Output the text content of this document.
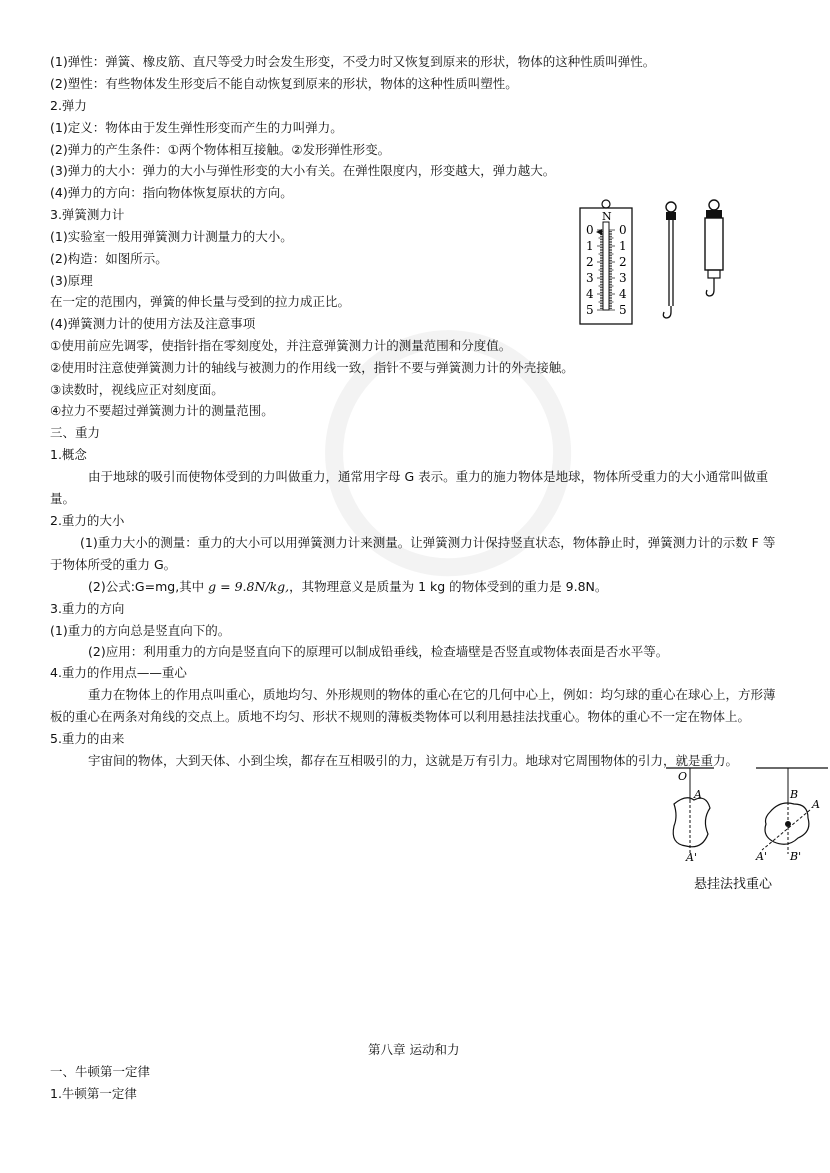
(1)弹性：弹簧、橡皮筋、直尺等受力时会发生形变，不受力时又恢复到原来的形状，物体的这种性质叫弹性。
(2)塑性：有些物体发生形变后不能自动恢复到原来的形状，物体的这种性质叫塑性。
2.弹力
(1)定义：物体由于发生弹性形变而产生的力叫弹力。
(2)弹力的产生条件：①两个物体相互接触。②发形弹性形变。
(3)弹力的大小：弹力的大小与弹性形变的大小有关。在弹性限度内，形变越大，弹力越大。
(4)弹力的方向：指向物体恢复原状的方向。
3.弹簧测力计
(1)实验室一般用弹簧测力计测量力的大小。
(2)构造：如图所示。
(3)原理
在一定的范围内，弹簧的伸长量与受到的拉力成正比。
(4)弹簧测力计的使用方法及注意事项
①使用前应先调零，使指针指在零刻度处，并注意弹簧测力计的测量范围和分度值。
②使用时注意使弹簧测力计的轴线与被测力的作用线一致，指针不要与弹簧测力计的外壳接触。
③读数时，视线应正对刻度面。
④拉力不要超过弹簧测力计的测量范围。
N
0
1
2
3
4
5
0
1
2
3
4
5
三、重力
1.概念
由于地球的吸引而使物体受到的力叫做重力，通常用字母 G 表示。重力的施力物体是地球，物体所受重力的大小通常叫做重
量。
2.重力的大小
(1)重力大小的测量：重力的大小可以用弹簧测力计来测量。让弹簧测力计保持竖直状态，物体静止时，弹簧测力计的示数 F 等
于物体所受的重力 G。
(2)公式:G=mg,其中 g = 9.8N/kg,，其物理意义是质量为 1 kg 的物体受到的重力是 9.8N。
3.重力的方向
(1)重力的方向总是竖直向下的。
(2)应用：利用重力的方向是竖直向下的原理可以制成铅垂线，检查墙壁是否竖直或物体表面是否水平等。
4.重力的作用点——重心
重力在物体上的作用点叫重心，质地均匀、外形规则的物体的重心在它的几何中心上，例如：均匀球的重心在球心上，方形薄
板的重心在两条对角线的交点上。质地不均匀、形状不规则的薄板类物体可以利用悬挂法找重心。物体的重心不一定在物体上。
5.重力的由来
宇宙间的物体，大到天体、小到尘埃，都存在互相吸引的力，这就是万有引力。地球对它周围物体的引力，就是重力。
O
A
A'
B
A
A' B'
悬挂法找重心
第八章 运动和力
一、牛顿第一定律
1.牛顿第一定律
